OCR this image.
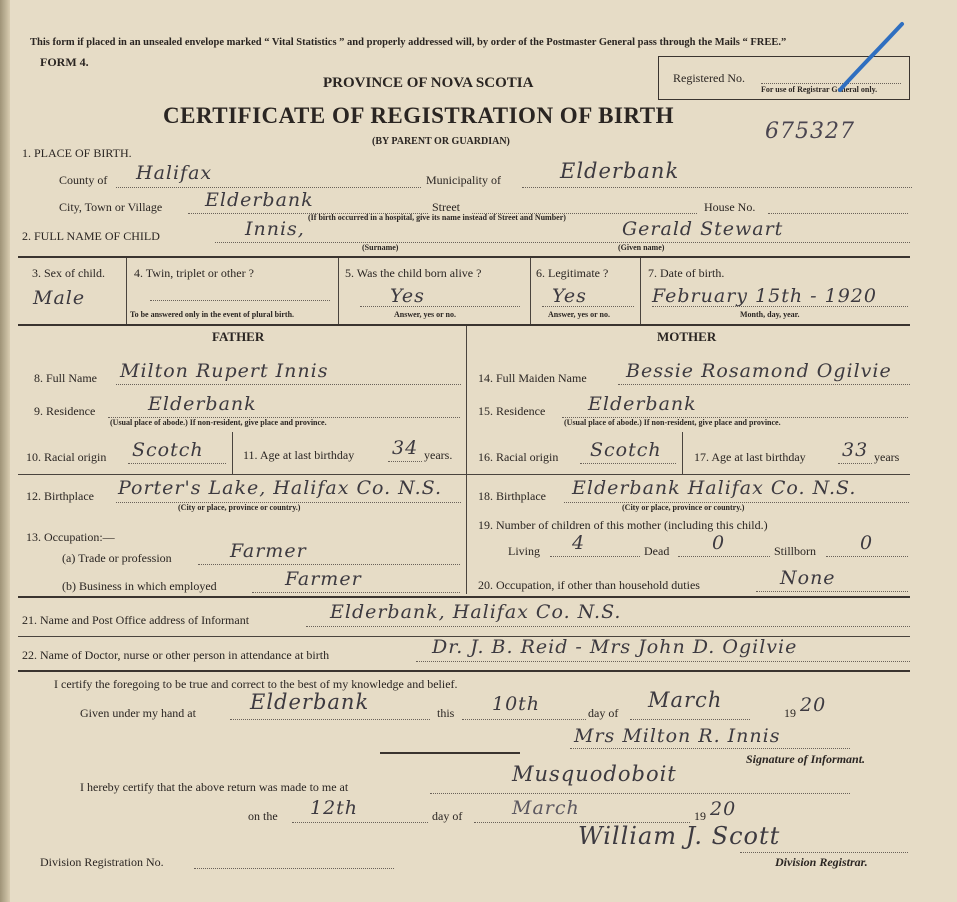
This form if placed in an unsealed envelope marked “ Vital Statistics ” and properly addressed will, by order of the Postmaster General pass through the Mails “ FREE.”
FORM 4.
PROVINCE OF NOVA SCOTIA
CERTIFICATE OF REGISTRATION OF BIRTH
(BY PARENT OR GUARDIAN)
Registered No.
For use of Registrar General only.
675327
1. PLACE OF BIRTH.
County of Halifax	Municipality of	Elderbank
City, Town or Village Elderbank	Street	House No.
(If birth occurred in a hospital, give its name instead of Street and Number)
2. FULL NAME OF CHILD	Innis,
(Surname)
Gerald Stewart
(Given name)
3. Sex of child.
Male
4. Twin, triplet or other ?
To be answered only in the event of plural birth.
5. Was the child born alive ?
Yes
Answer, yes or no.
6. Legitimate ?
Yes
Answer, yes or no.
7. Date of birth.
February 15th - 1920
Month, day, year.
FATHER	MOTHER
8. Full Name Milton Rupert Innis
9. Residence	Elderbank
(Usual place of abode.) If non-resident, give place and province.
10. Racial origin Scotch	11. Age at last birthday 34 years.
12. Birthplace Porter's Lake, Halifax Co. N.S.
(City or place, province or country.)
13. Occupation:—
(a) Trade or profession	Farmer
(b) Business in which employed	Farmer
14. Full Maiden Name Bessie Rosamond Ogilvie
15. Residence Elderbank
(Usual place of abode.) If non-resident, give place and province.
16. Racial origin Scotch	17. Age at last birthday 33 years
18. Birthplace Elderbank Halifax Co. N.S.
(City or place, province or country.)
19. Number of children of this mother (including this child.)
Living 4	Dead 0	Stillborn 0
20. Occupation, if other than household duties	None
21. Name and Post Office address of Informant	Elderbank, Halifax Co. N.S.
22. Name of Doctor, nurse or other person in attendance at birth	Dr. J. B. Reid - Mrs John D. Ogilvie
I certify the foregoing to be true and correct to the best of my knowledge and belief.
Given under my hand at	Elderbank	this 10th	day of
March
19 20
Mrs Milton R. Innis
Signature of Informant.
I hereby certify that the above return was made to me at
Musquodoboit
on the 12th	day of	March	19 20
William J. Scott
Division Registration No.	Division Registrar.
